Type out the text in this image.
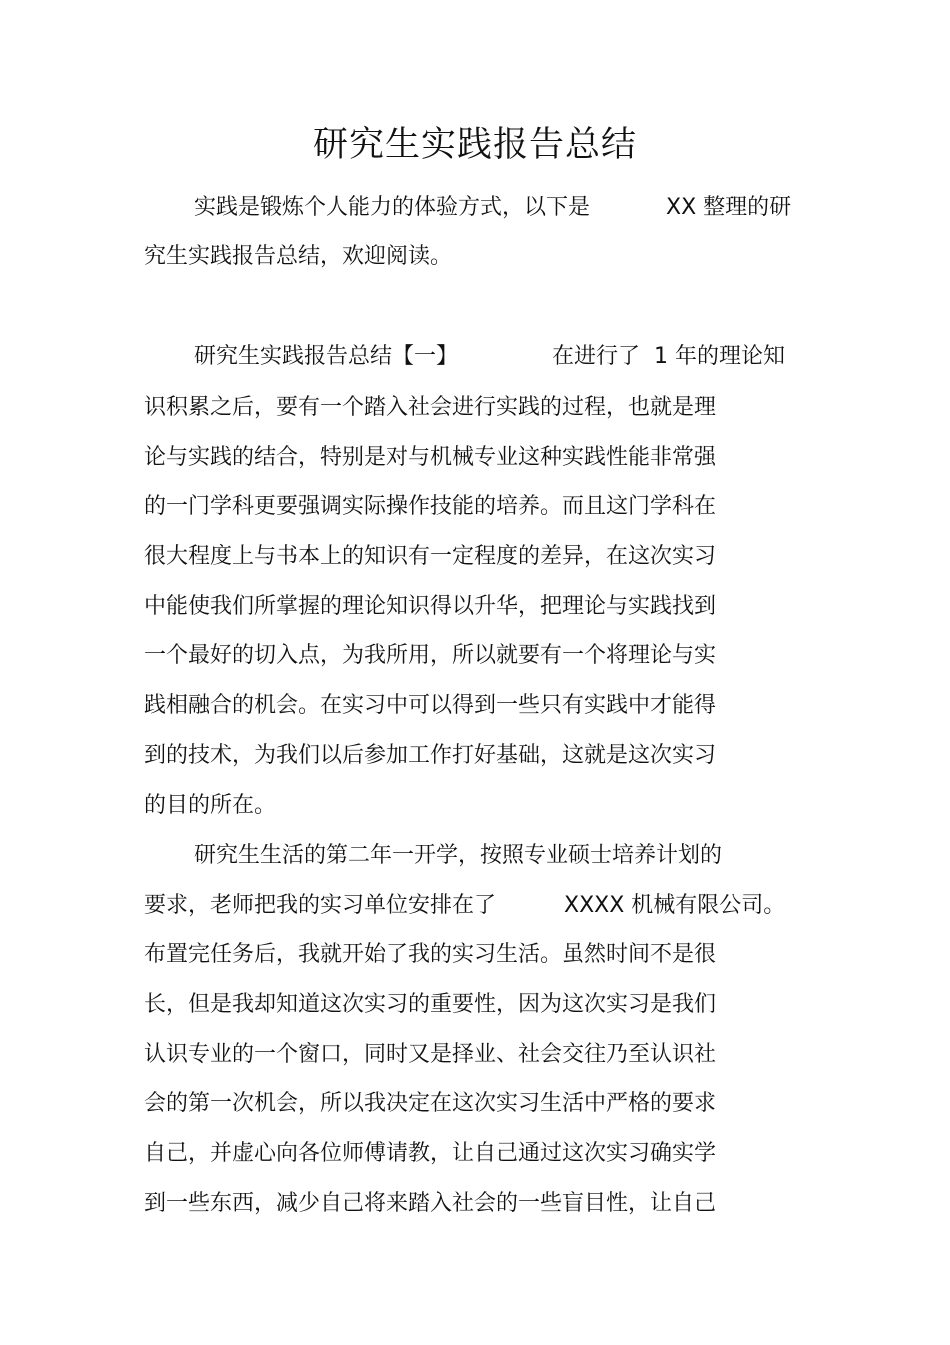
研究生实践报告总结

实践是锻炼个人能力的体验方式，以下是

	XX 整理的研

究生实践报告总结，欢迎阅读。

研究生实践报告总结【一】

	在进行了  1 年的理论知

识积累之后，要有一个踏入社会进行实践的过程，也就是理
论与实践的结合，特别是对与机械专业这种实践性能非常强
的一门学科更要强调实际操作技能的培养。而且这门学科在
很大程度上与书本上的知识有一定程度的差异，在这次实习
中能使我们所掌握的理论知识得以升华，把理论与实践找到
一个最好的切入点，为我所用，所以就要有一个将理论与实
践相融合的机会。在实习中可以得到一些只有实践中才能得
到的技术，为我们以后参加工作打好基础，这就是这次实习
的目的所在。
研究生生活的第二年一开学，按照专业硕士培养计划的

要求，老师把我的实习单位安排在了

	XXXX 机械有限公司。

布置完任务后，我就开始了我的实习生活。虽然时间不是很
长，但是我却知道这次实习的重要性，因为这次实习是我们
认识专业的一个窗口，同时又是择业、社会交往乃至认识社
会的第一次机会，所以我决定在这次实习生活中严格的要求
自己，并虚心向各位师傅请教，让自己通过这次实习确实学
到一些东西，减少自己将来踏入社会的一些盲目性，让自己
